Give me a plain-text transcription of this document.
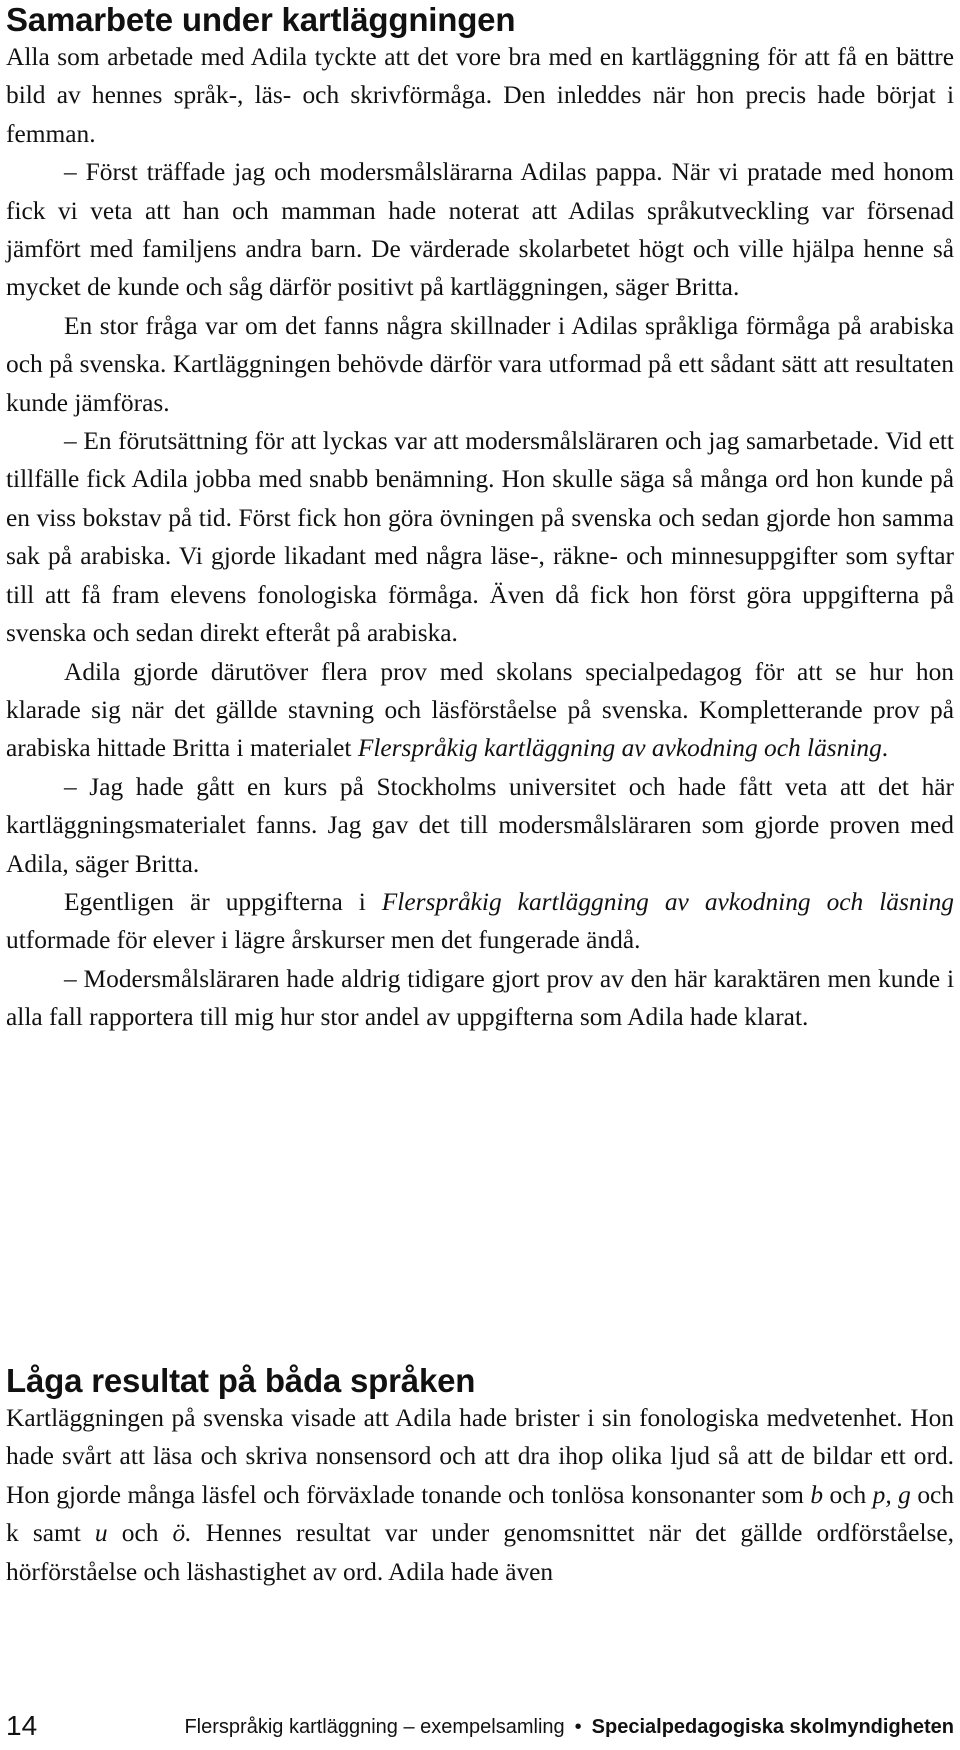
Samarbete under kartläggningen

Alla som arbetade med Adila tyckte att det vore bra med en kartläggning för att få en bättre bild av hennes språk-, läs- och skrivförmåga. Den inleddes när hon precis hade börjat i femman.

– Först träffade jag och modersmålslärarna Adilas pappa. När vi pratade med honom fick vi veta att han och mamman hade noterat att Adilas språkutveckling var försenad jämfört med familjens andra barn. De värderade skolarbetet högt och ville hjälpa henne så mycket de kunde och såg därför positivt på kartläggningen, säger Britta.

En stor fråga var om det fanns några skillnader i Adilas språkliga förmåga på arabiska och på svenska. Kartläggningen behövde därför vara utformad på ett sådant sätt att resultaten kunde jämföras.

– En förutsättning för att lyckas var att modersmålsläraren och jag samarbetade. Vid ett tillfälle fick Adila jobba med snabb benämning. Hon skulle säga så många ord hon kunde på en viss bokstav på tid. Först fick hon göra övningen på svenska och sedan gjorde hon samma sak på arabiska. Vi gjorde likadant med några läse-, räkne- och minnesuppgifter som syftar till att få fram elevens fonologiska förmåga. Även då fick hon först göra uppgifterna på svenska och sedan direkt efteråt på arabiska.

Adila gjorde därutöver flera prov med skolans specialpedagog för att se hur hon klarade sig när det gällde stavning och läsförståelse på svenska. Kompletterande prov på arabiska hittade Britta i materialet Flerspråkig kartläggning av avkodning och läsning.

– Jag hade gått en kurs på Stockholms universitet och hade fått veta att det här kartläggningsmaterialet fanns. Jag gav det till modersmålsläraren som gjorde proven med Adila, säger Britta.

Egentligen är uppgifterna i Flerspråkig kartläggning av avkodning och läsning utformade för elever i lägre årskurser men det fungerade ändå.

– Modersmålsläraren hade aldrig tidigare gjort prov av den här karaktären men kunde i alla fall rapportera till mig hur stor andel av uppgifterna som Adila hade klarat.

Låga resultat på båda språken

Kartläggningen på svenska visade att Adila hade brister i sin fonologiska medvetenhet. Hon hade svårt att läsa och skriva nonsensord och att dra ihop olika ljud så att de bildar ett ord. Hon gjorde många läsfel och förväxlade tonande och tonlösa konsonanter som b och p, g och k samt u och ö. Hennes resultat var under genomsnittet när det gällde ordförståelse, hörförståelse och läshastighet av ord. Adila hade även

14	Flerspråkig kartläggning – exempelsamling • Specialpedagogiska skolmyndigheten
